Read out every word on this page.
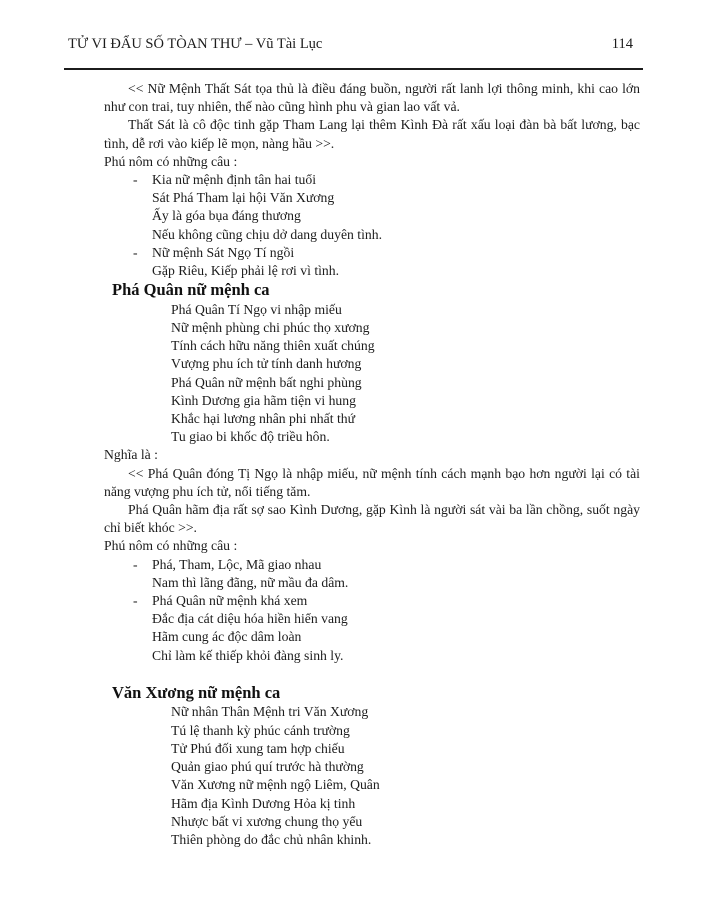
TỬ VI ĐẨU SỐ TÒAN THƯ – Vũ Tài Lục	114

<< Nữ Mệnh Thất Sát tọa thủ là điều đáng buồn, người rất lanh lợi thông minh, khi cao lớn như con trai, tuy nhiên, thế nào cũng hình phu và gian lao vất vả.

Thất Sát là cô độc tinh gặp Tham Lang lại thêm Kình Đà rất xấu loại đàn bà bất lương, bạc tình, dễ rơi vào kiếp lẽ mọn, nàng hầu >>.

Phú nôm có những câu :

-	Kia nữ mệnh định tân hai tuổi
Sát Phá Tham lại hội Văn Xương
Ấy là góa bụa đáng thương
Nếu không cũng chịu dở dang duyên tình.
-	Nữ mệnh Sát Ngọ Tí ngồi
Gặp Riêu, Kiếp phải lệ rơi vì tình.
Phá Quân nữ mệnh ca
Phá Quân Tí Ngọ vi nhập miếu
Nữ mệnh phùng chi phúc thọ xương
Tính cách hữu năng thiên xuất chúng
Vượng phu ích tử tính danh hương
Phá Quân nữ mệnh bất nghi phùng
Kình Dương gia hãm tiện vi hung
Khắc hại lương nhân phi nhất thứ
Tu giao bi khốc độ triều hôn.

Nghĩa là :

<< Phá Quân đóng Tị Ngọ là nhập miếu, nữ mệnh tính cách mạnh bạo hơn người lại có tài năng vượng phu ích tử, nổi tiếng tăm.

Phá Quân hãm địa rất sợ sao Kình Dương, gặp Kình là người sát vài ba lần chồng, suốt ngày chỉ biết khóc >>.

Phú nôm có những câu :

-	Phá, Tham, Lộc, Mã giao nhau
Nam thì lãng đãng, nữ mầu đa dâm.
-	Phá Quân nữ mệnh khá xem
Đắc địa cát diệu hóa hiền hiển vang
Hãm cung ác độc dâm loàn
Chỉ làm kế thiếp khỏi đàng sinh ly.
Văn Xương nữ mệnh ca
Nữ nhân Thân Mệnh tri Văn Xương
Tú lệ thanh kỳ phúc cánh trường
Tử Phú đối xung tam hợp chiếu
Quản giao phú quí trước hà thường
Văn Xương nữ mệnh ngộ Liêm, Quân
Hãm địa Kình Dương Hỏa kị tinh
Nhược bất vi xương chung thọ yểu
Thiên phòng do đắc chủ nhân khinh.
